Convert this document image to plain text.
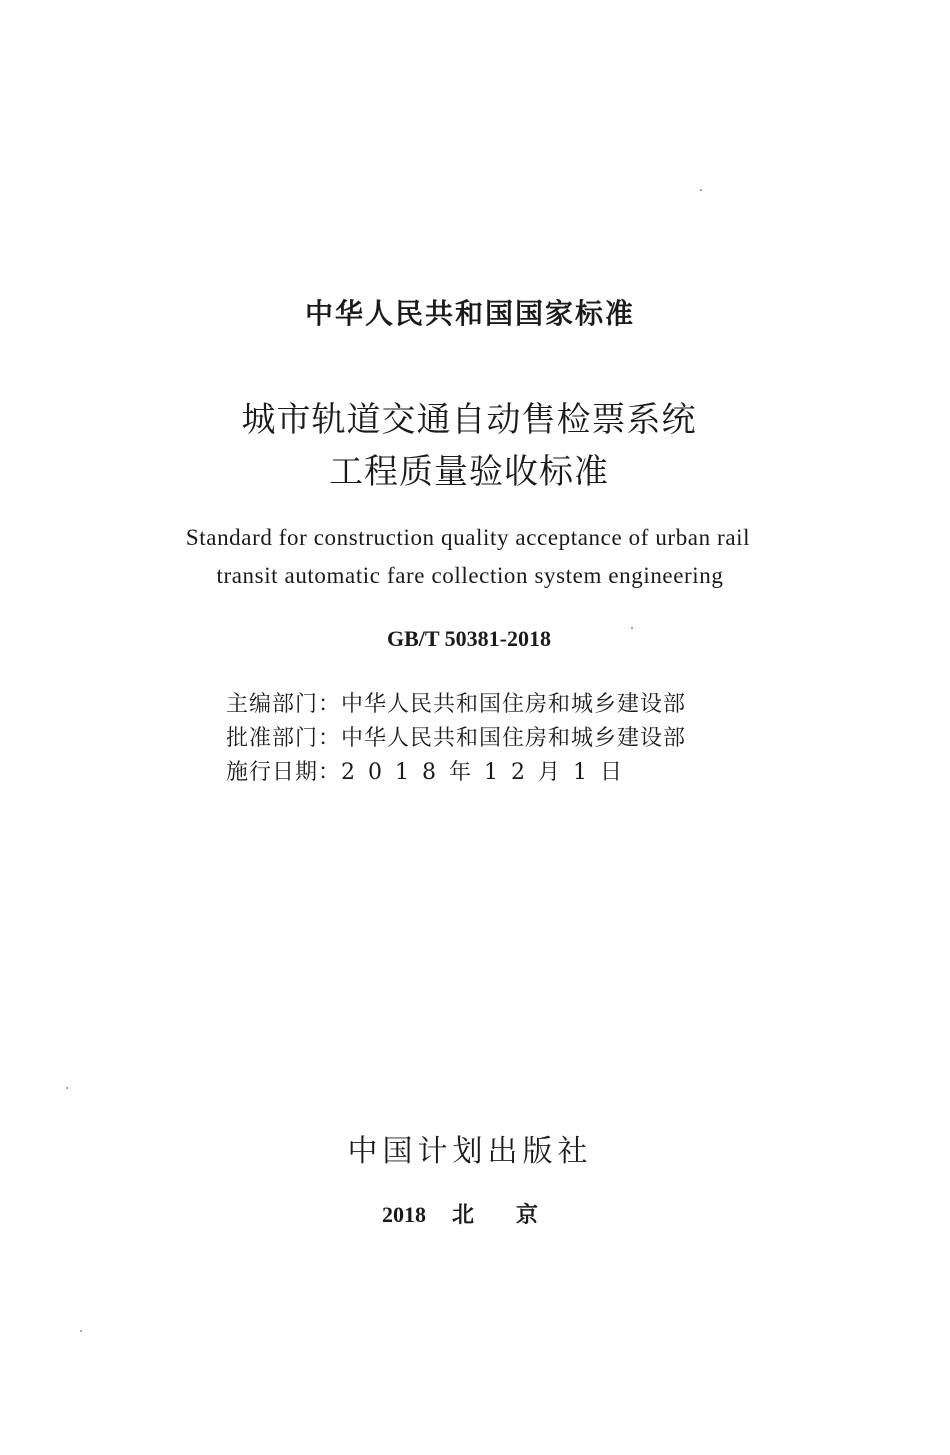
中华人民共和国国家标准
城市轨道交通自动售检票系统
工程质量验收标准
Standard for construction quality acceptance of urban rail
transit automatic fare collection system engineering
GB/T 50381-2018
主编部门：中华人民共和国住房和城乡建设部
批准部门：中华人民共和国住房和城乡建设部
施行日期：2018年12月1日
中国计划出版社
2018 北京
